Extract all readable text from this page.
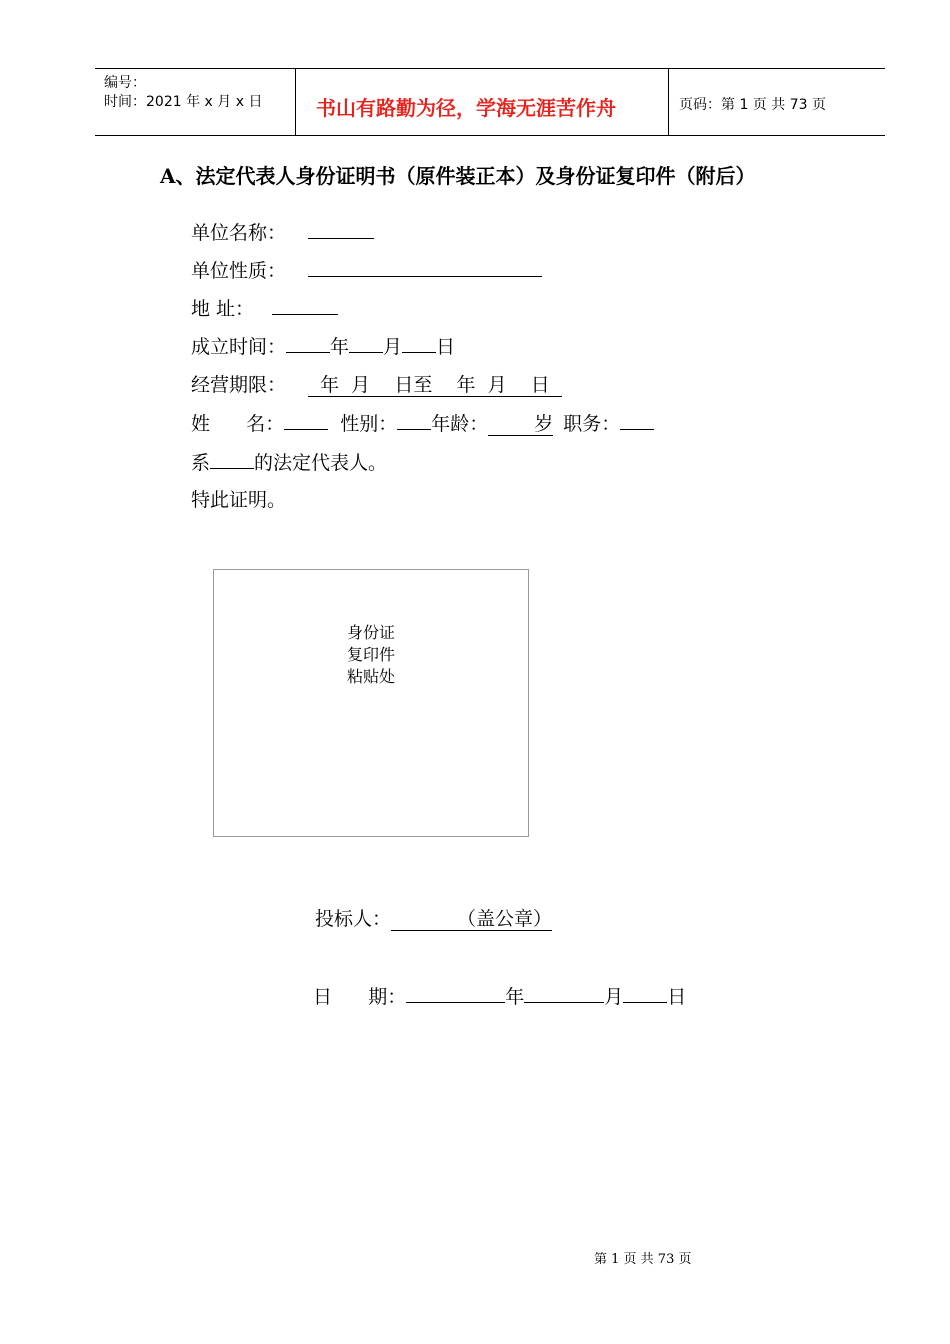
编号：
时间：2021 年 x 月 x 日	书山有路勤为径，学海无涯苦作舟	页码：第 1 页 共 73 页
A、法定代表人身份证明书（原件装正本）及身份证复印件（附后）
单位名称：
单位性质：
地 址：
成立时间： 年 月 日
经营期限：  年  月    日至    年  月    日
姓      名：	性别： 年龄： 岁 职务：
系 的法定代表人。
特此证明。
身份证
复印件
粘贴处
投标人：	（盖公章）
日      期：	年	月 日
第 1 页 共 73 页
